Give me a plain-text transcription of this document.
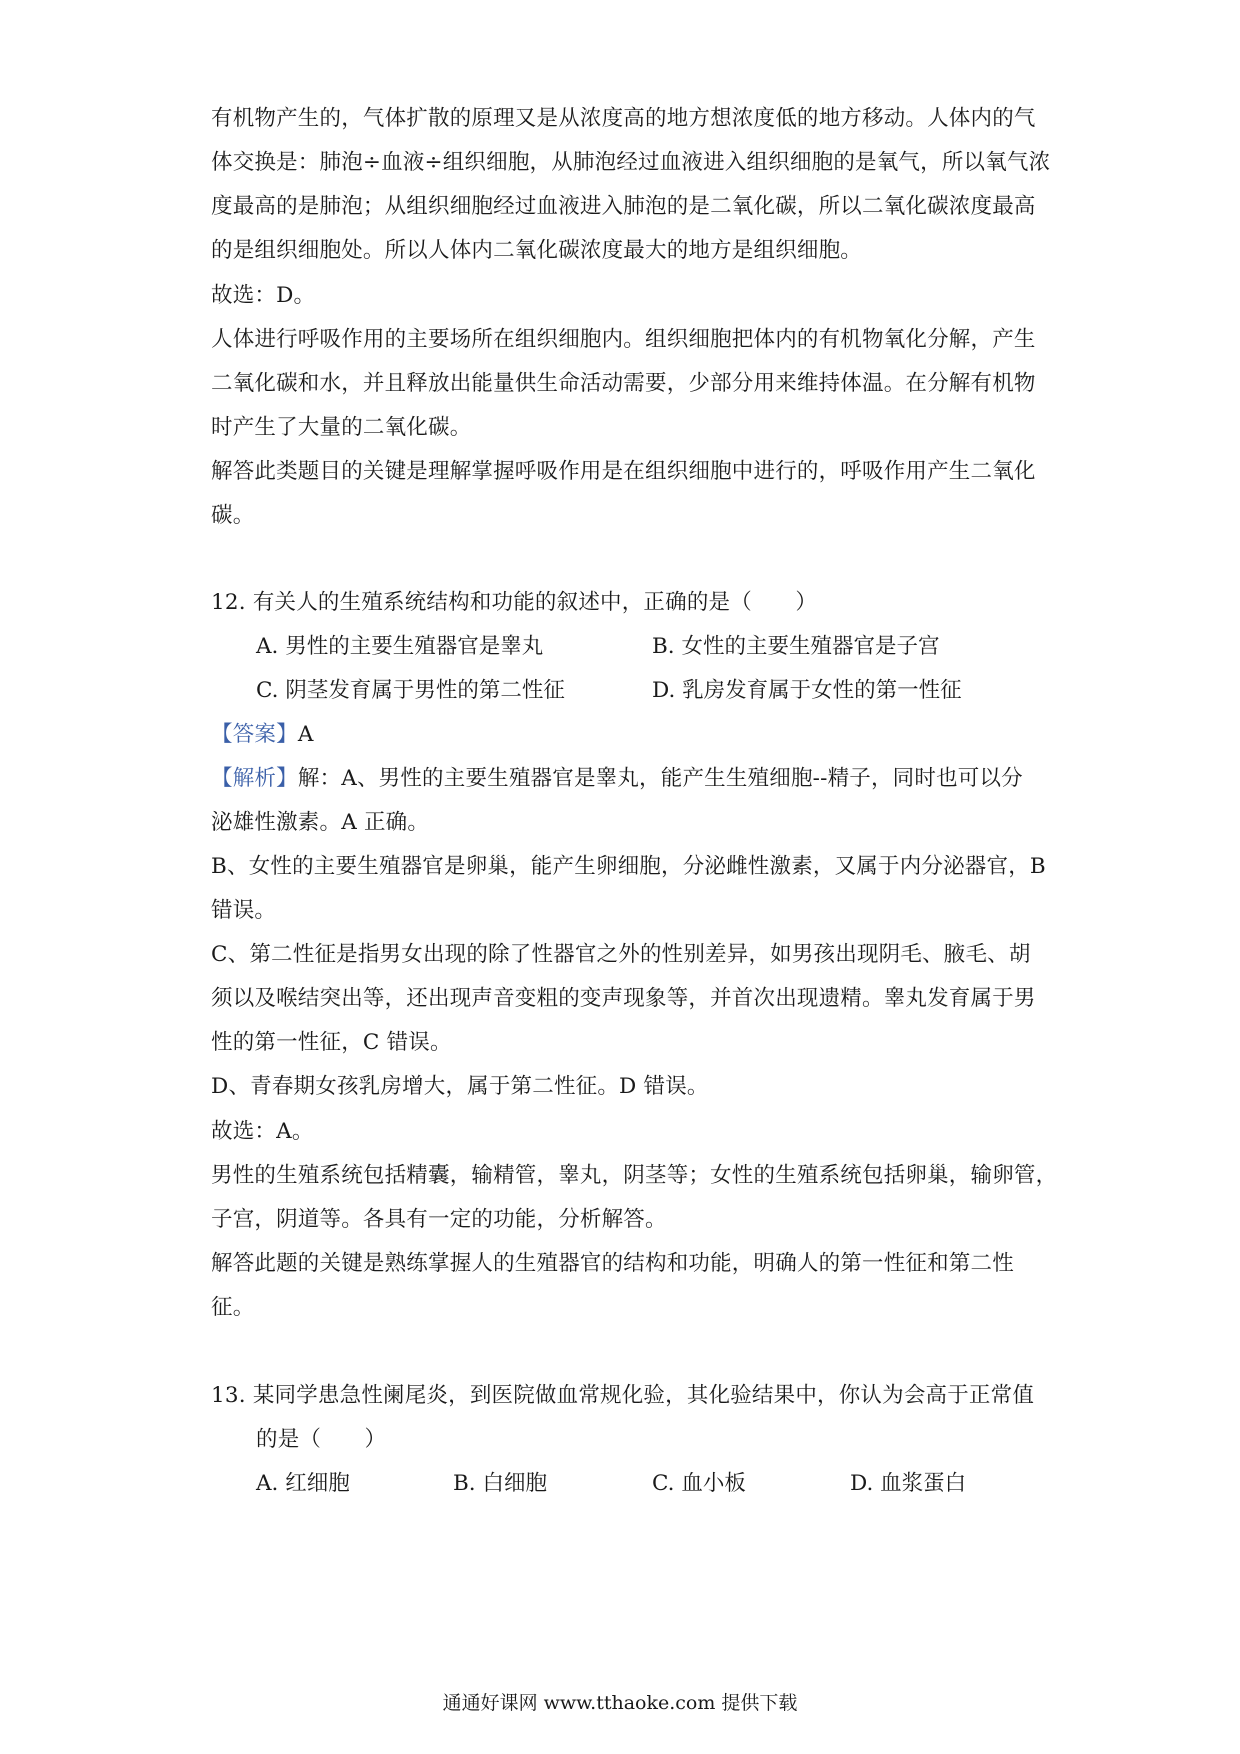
有机物产生的，气体扩散的原理又是从浓度高的地方想浓度低的地方移动。人体内的气
体交换是：肺泡÷血液÷组织细胞，从肺泡经过血液进入组织细胞的是氧气，所以氧气浓
度最高的是肺泡；从组织细胞经过血液进入肺泡的是二氧化碳，所以二氧化碳浓度最高
的是组织细胞处。所以人体内二氧化碳浓度最大的地方是组织细胞。
故选：D。
人体进行呼吸作用的主要场所在组织细胞内。组织细胞把体内的有机物氧化分解，产生
二氧化碳和水，并且释放出能量供生命活动需要，少部分用来维持体温。在分解有机物
时产生了大量的二氧化碳。
解答此类题目的关键是理解掌握呼吸作用是在组织细胞中进行的，呼吸作用产生二氧化
碳。
12. 有关人的生殖系统结构和功能的叙述中，正确的是（　　）
A. 男性的主要生殖器官是睾丸	B. 女性的主要生殖器官是子宫
C. 阴茎发育属于男性的第二性征	D. 乳房发育属于女性的第一性征
【答案】A
【解析】解：A、男性的主要生殖器官是睾丸，能产生生殖细胞--精子，同时也可以分
泌雄性激素。A 正确。
B、女性的主要生殖器官是卵巢，能产生卵细胞，分泌雌性激素，又属于内分泌器官，B
错误。
C、第二性征是指男女出现的除了性器官之外的性别差异，如男孩出现阴毛、腋毛、胡
须以及喉结突出等，还出现声音变粗的变声现象等，并首次出现遗精。睾丸发育属于男
性的第一性征，C 错误。
D、青春期女孩乳房增大，属于第二性征。D 错误。
故选：A。
男性的生殖系统包括精囊，输精管，睾丸，阴茎等；女性的生殖系统包括卵巢，输卵管，
子宫，阴道等。各具有一定的功能，分析解答。
解答此题的关键是熟练掌握人的生殖器官的结构和功能，明确人的第一性征和第二性
征。
13. 某同学患急性阑尾炎，到医院做血常规化验，其化验结果中，你认为会高于正常值
的是（　　）
A. 红细胞	B. 白细胞	C. 血小板	D. 血浆蛋白
通通好课网 www.tthaoke.com 提供下载
